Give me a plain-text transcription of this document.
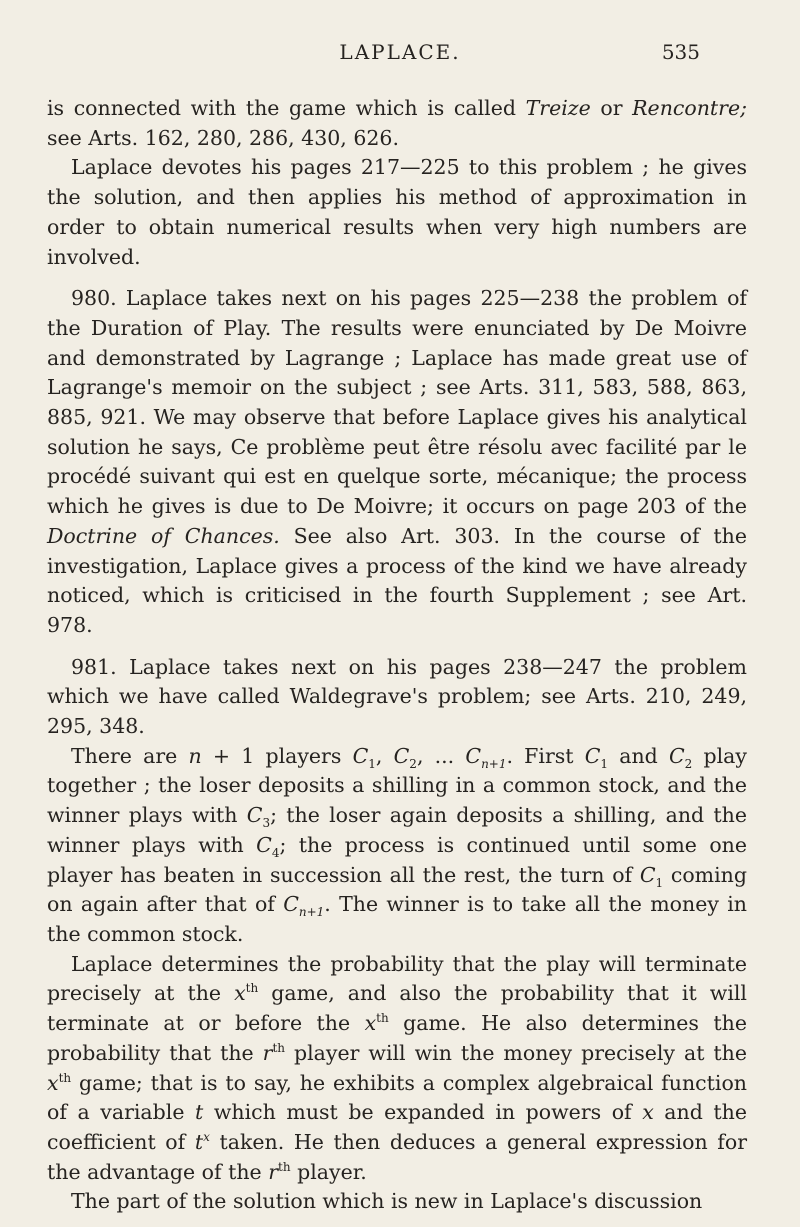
LAPLACE.	535

is connected with the game which is called Treize or Rencontre; see Arts. 162, 280, 286, 430, 626.

Laplace devotes his pages 217—225 to this problem ; he gives the solution, and then applies his method of approximation in order to obtain numerical results when very high numbers are involved.

980. Laplace takes next on his pages 225—238 the problem of the Duration of Play. The results were enunciated by De Moivre and demonstrated by Lagrange ; Laplace has made great use of Lagrange's memoir on the subject ; see Arts. 311, 583, 588, 863, 885, 921. We may observe that before Laplace gives his analytical solution he says, Ce problème peut être résolu avec facilité par le procédé suivant qui est en quelque sorte, mécanique; the process which he gives is due to De Moivre; it occurs on page 203 of the Doctrine of Chances. See also Art. 303. In the course of the investigation, Laplace gives a process of the kind we have already noticed, which is criticised in the fourth Supplement ; see Art. 978.

981. Laplace takes next on his pages 238—247 the problem which we have called Waldegrave's problem; see Arts. 210, 249, 295, 348.

There are n + 1 players $C_1$, $C_2$, ... $C_{n+1}$. First $C_1$ and $C_2$ play together ; the loser deposits a shilling in a common stock, and the winner plays with $C_3$; the loser again deposits a shilling, and the winner plays with $C_4$; the process is continued until some one player has beaten in succession all the rest, the turn of $C_1$ coming on again after that of $C_{n+1}$. The winner is to take all the money in the common stock.

Laplace determines the probability that the play will terminate precisely at the $x^{th}$ game, and also the probability that it will terminate at or before the $x^{th}$ game. He also determines the probability that the $r^{th}$ player will win the money precisely at the $x^{th}$ game; that is to say, he exhibits a complex algebraical function of a variable t which must be expanded in powers of x and the coefficient of $t^x$ taken. He then deduces a general expression for the advantage of the $r^{th}$ player.

The part of the solution which is new in Laplace's discussion
